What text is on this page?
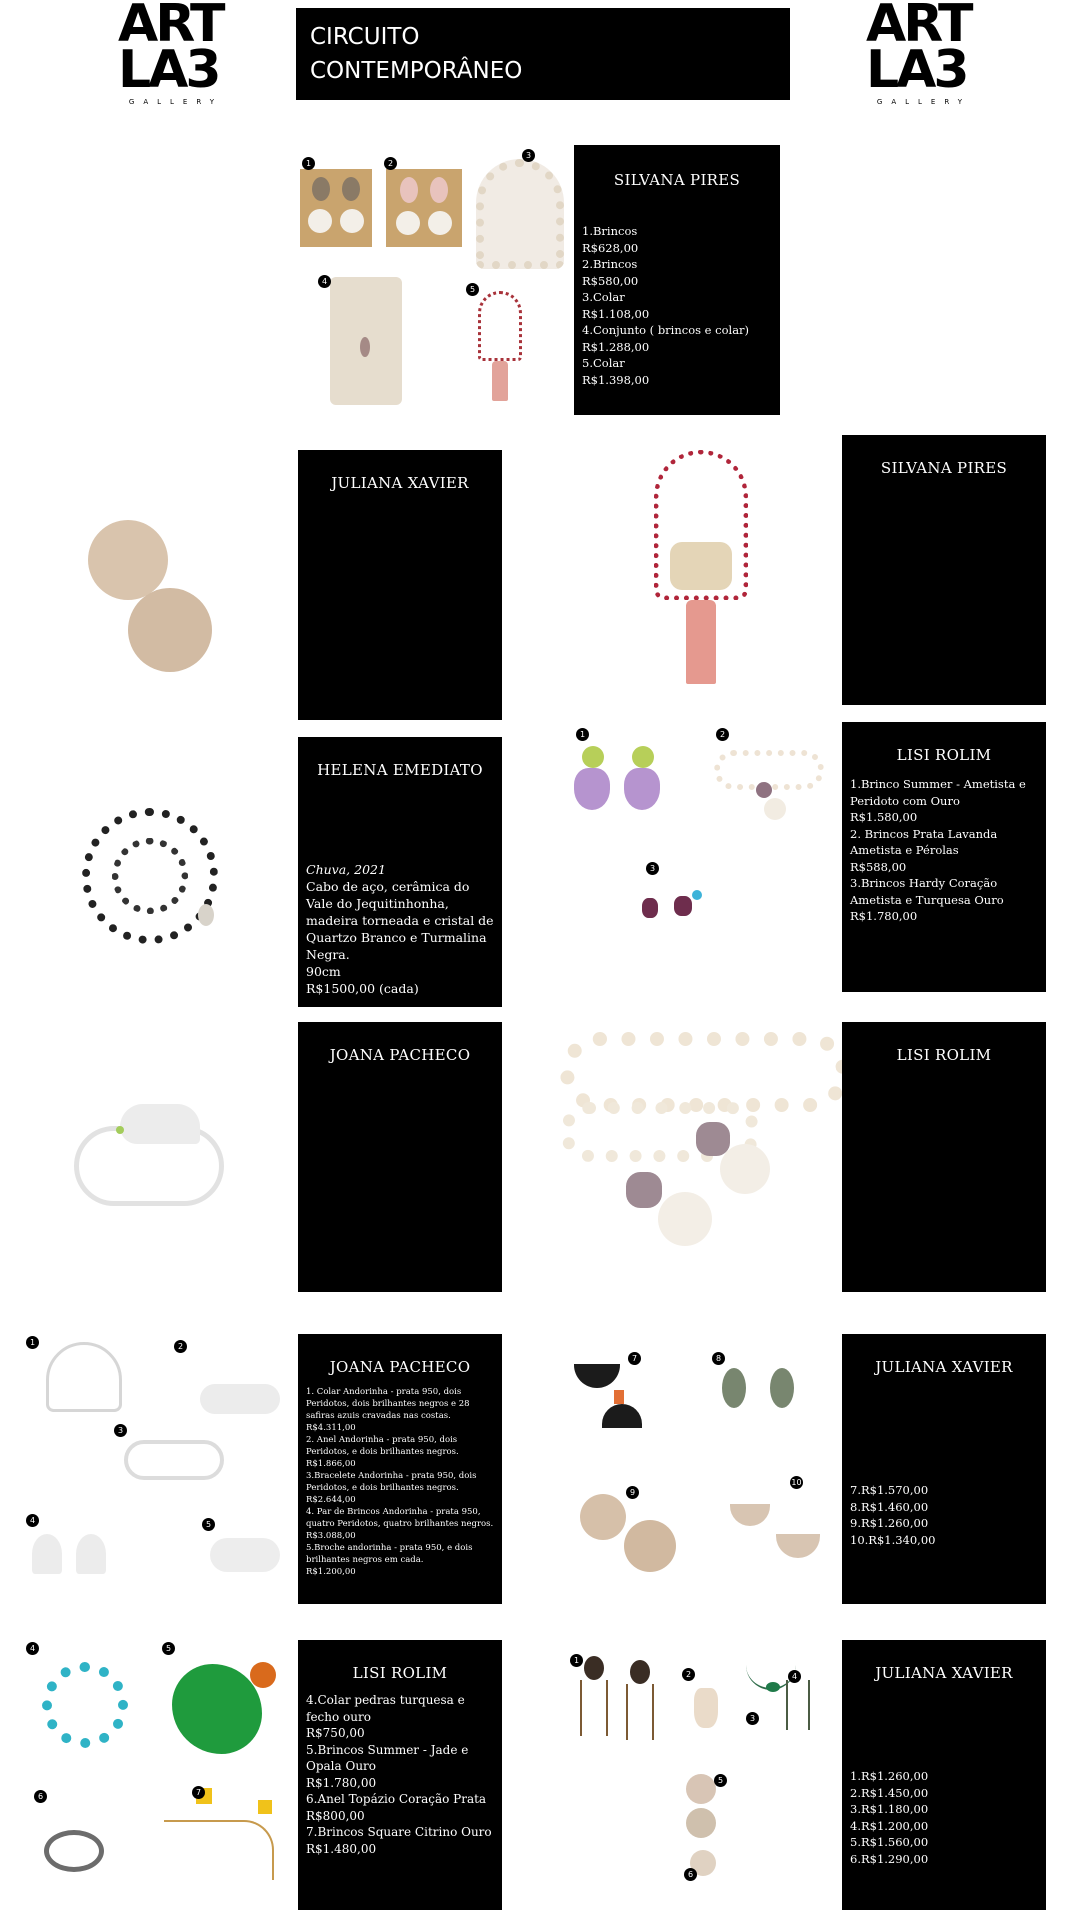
ART
LA3
GALLERY
ART
LA3
GALLERY
CIRCUITO
CONTEMPORÂNEO
1	2
3
4
5
SILVANA PIRES
1.Brincos
R$628,00
2.Brincos
R$580,00
3.Colar
R$1.108,00
4.Conjunto ( brincos e colar)
R$1.288,00
5.Colar
R$1.398,00
JULIANA XAVIER
SILVANA PIRES
HELENA EMEDIATO
Chuva, 2021
Cabo de aço, cerâmica do Vale do Jequitinhonha, madeira torneada e cristal de Quartzo Branco e Turmalina Negra.
90cm
R$1500,00 (cada)
1	2
3
LISI ROLIM
1.Brinco Summer - Ametista e Peridoto com Ouro
R$1.580,00
2. Brincos Prata Lavanda Ametista e Pérolas
R$588,00
3.Brincos Hardy Coração Ametista e Turquesa Ouro
R$1.780,00
JOANA PACHECO	LISI ROLIM
1	2
3
4	5
JOANA PACHECO
1. Colar Andorinha - prata 950, dois Peridotos, dois brilhantes negros e 28 safiras azuis cravadas nas costas.
R$4.311,00
2. Anel Andorinha - prata 950, dois Peridotos, e dois brilhantes negros.
R$1.866,00
3.Bracelete Andorinha - prata 950, dois Peridotos, e dois brilhantes negros.
R$2.644,00
4. Par de Brincos Andorinha - prata 950, quatro Peridotos, quatro brilhantes negros.
R$3.088,00
5.Broche andorinha - prata 950, e dois brilhantes negros em cada.
R$1.200,00
7	8
9
10
JULIANA XAVIER
7.R$1.570,00
8.R$1.460,00
9.R$1.260,00
10.R$1.340,00
4	5
6	7
LISI ROLIM
4.Colar pedras turquesa e fecho ouro
R$750,00
5.Brincos Summer - Jade e Opala Ouro
R$1.780,00
6.Anel Topázio Coração Prata
R$800,00
7.Brincos Square Citrino Ouro
R$1.480,00
1
2
3
4
5
6
JULIANA XAVIER
1.R$1.260,00
2.R$1.450,00
3.R$1.180,00
4.R$1.200,00
5.R$1.560,00
6.R$1.290,00
